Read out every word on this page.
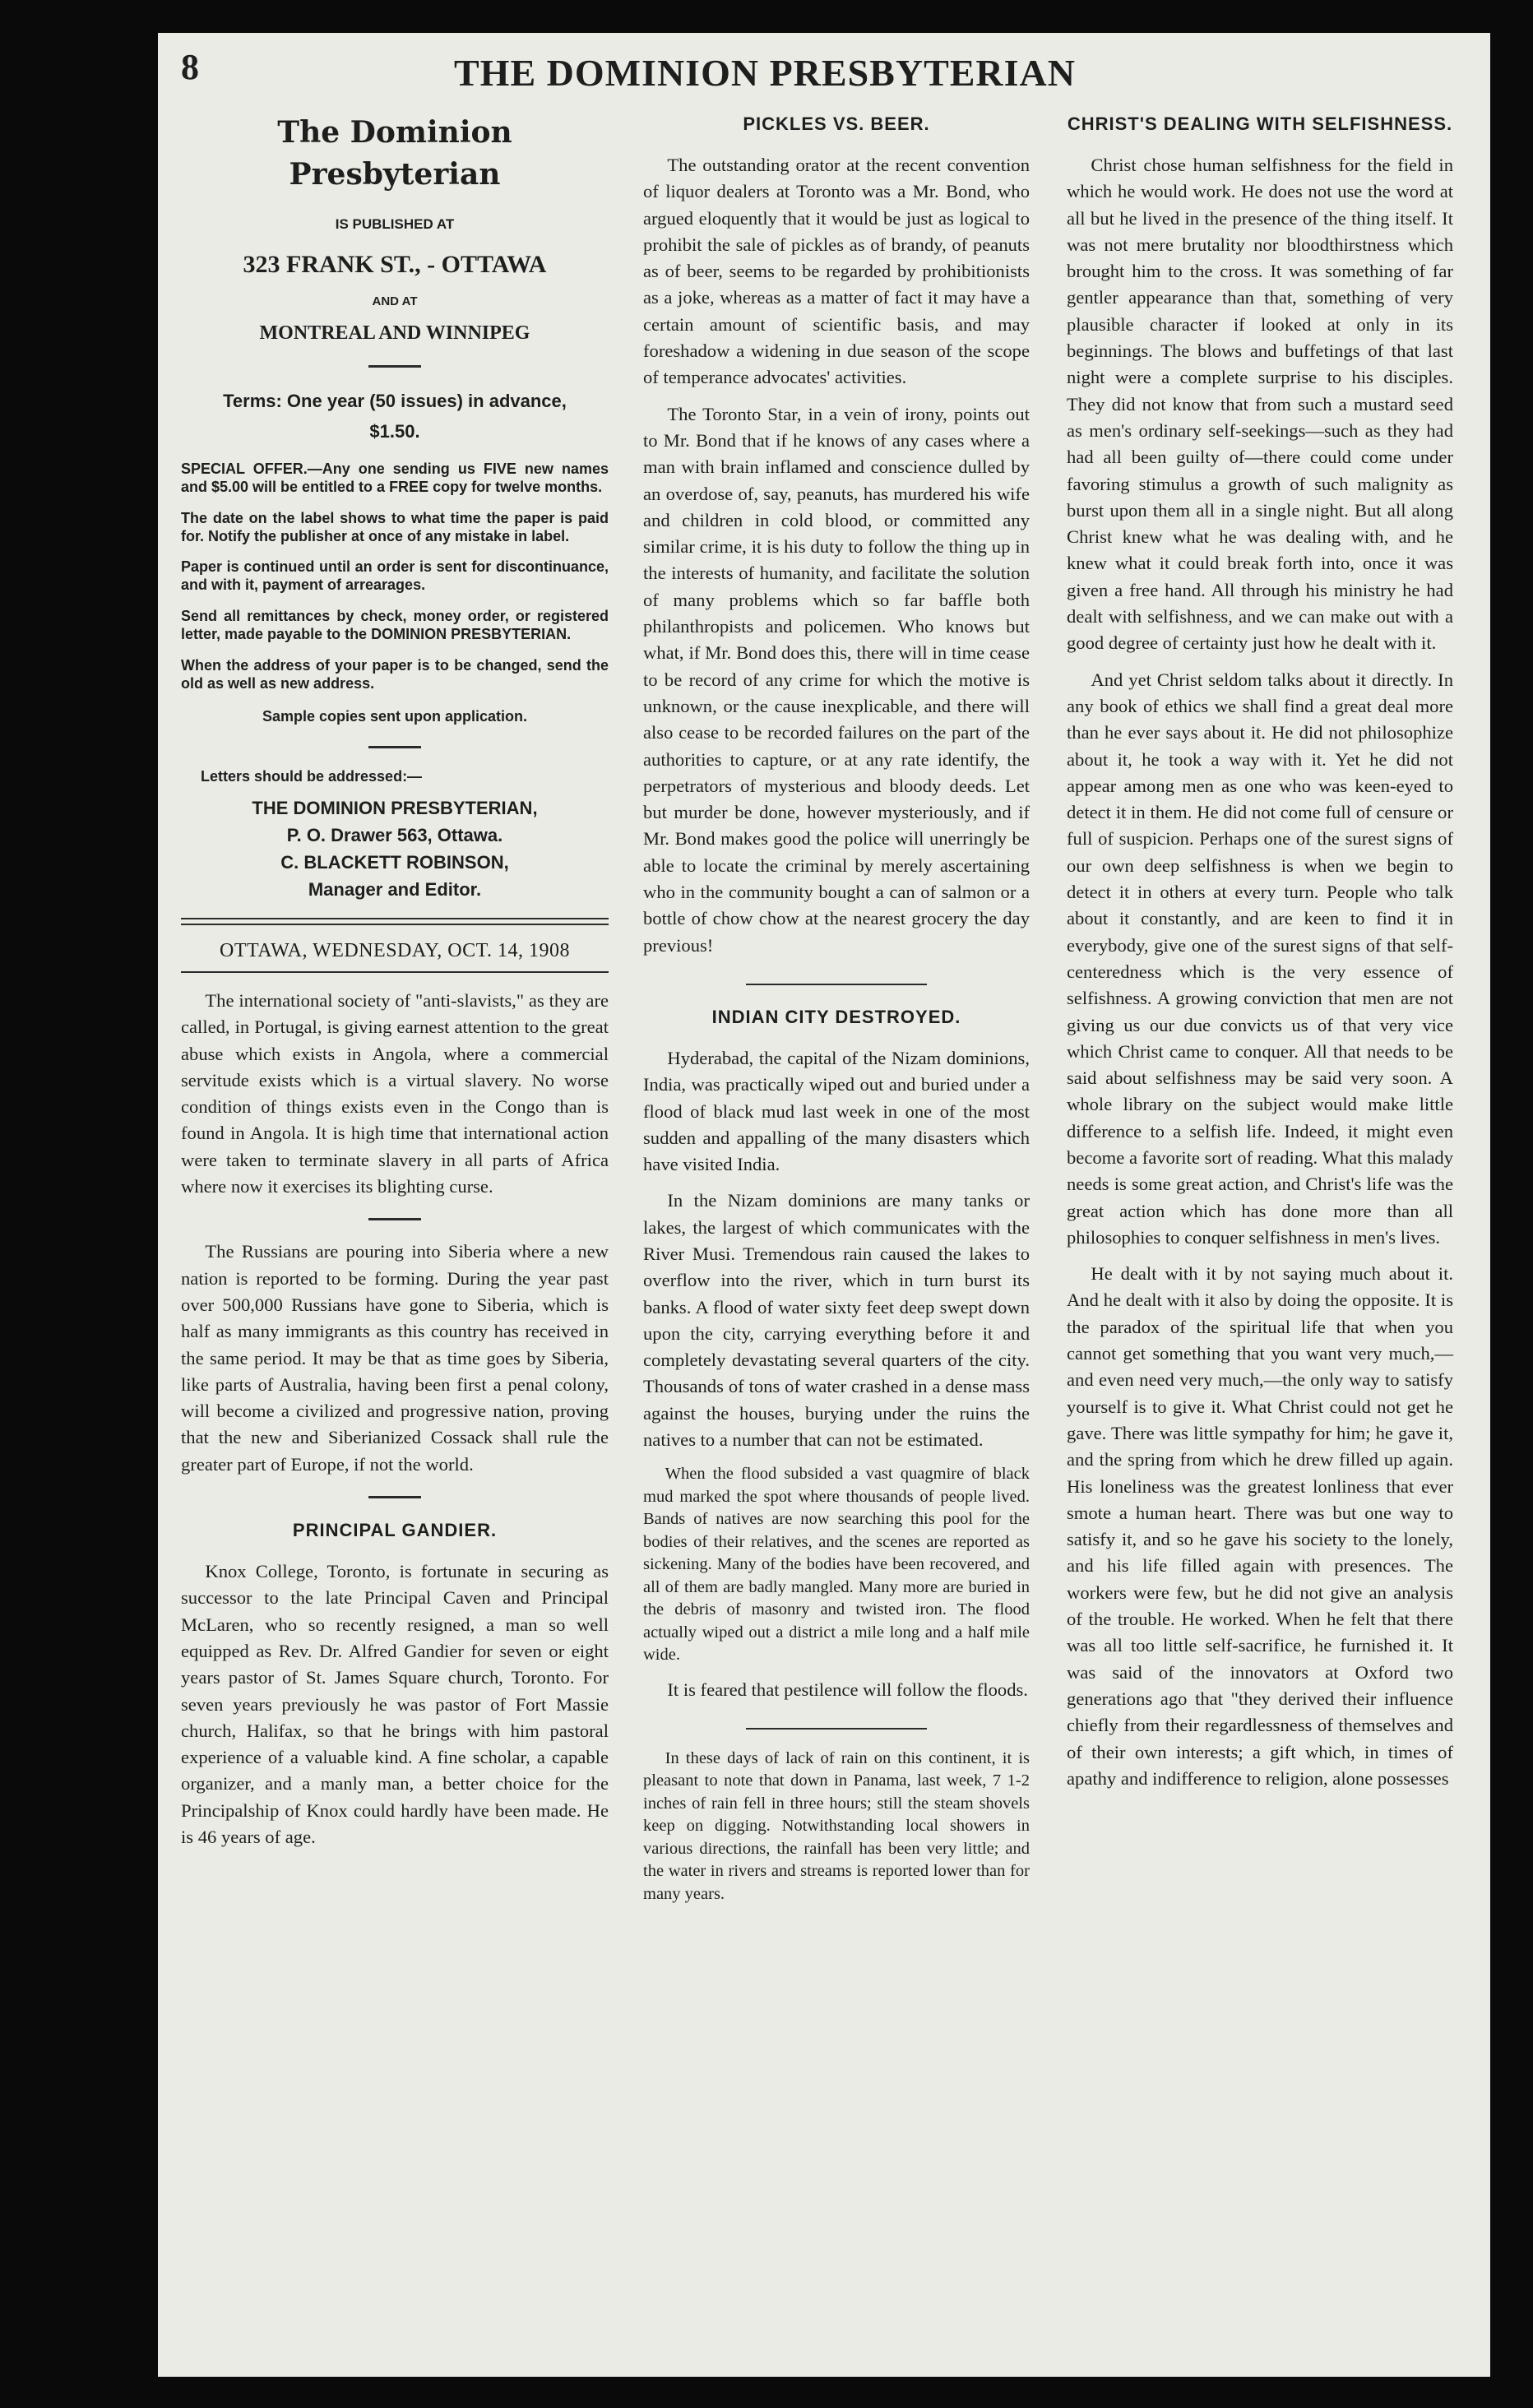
8	THE DOMINION PRESBYTERIAN
The Dominion Presbyterian
IS PUBLISHED AT
323 FRANK ST., - OTTAWA
AND AT
MONTREAL AND WINNIPEG
Terms: One year (50 issues) in advance, $1.50.
SPECIAL OFFER.—Any one sending us FIVE new names and $5.00 will be entitled to a FREE copy for twelve months.
The date on the label shows to what time the paper is paid for. Notify the publisher at once of any mistake in label.
Paper is continued until an order is sent for discontinuance, and with it, payment of arrearages.
Send all remittances by check, money order, or registered letter, made payable to the DOMINION PRESBYTERIAN.
When the address of your paper is to be changed, send the old as well as new address.
Sample copies sent upon application.
Letters should be addressed:—
THE DOMINION PRESBYTERIAN,
P. O. Drawer 563, Ottawa.
C. BLACKETT ROBINSON,
Manager and Editor.
OTTAWA, WEDNESDAY, OCT. 14, 1908

The international society of "anti-slavists," as they are called, in Portugal, is giving earnest attention to the great abuse which exists in Angola, where a commercial servitude exists which is a virtual slavery. No worse condition of things exists even in the Congo than is found in Angola. It is high time that international action were taken to terminate slavery in all parts of Africa where now it exercises its blighting curse.

The Russians are pouring into Siberia where a new nation is reported to be forming. During the year past over 500,000 Russians have gone to Siberia, which is half as many immigrants as this country has received in the same period. It may be that as time goes by Siberia, like parts of Australia, having been first a penal colony, will become a civilized and progressive nation, proving that the new and Siberianized Cossack shall rule the greater part of Europe, if not the world.

PRINCIPAL GANDIER.

Knox College, Toronto, is fortunate in securing as successor to the late Principal Caven and Principal McLaren, who so recently resigned, a man so well equipped as Rev. Dr. Alfred Gandier for seven or eight years pastor of St. James Square church, Toronto. For seven years previously he was pastor of Fort Massie church, Halifax, so that he brings with him pastoral experience of a valuable kind. A fine scholar, a capable organizer, and a manly man, a better choice for the Principalship of Knox could hardly have been made. He is 46 years of age.

PICKLES VS. BEER.

The outstanding orator at the recent convention of liquor dealers at Toronto was a Mr. Bond, who argued eloquently that it would be just as logical to prohibit the sale of pickles as of brandy, of peanuts as of beer, seems to be regarded by prohibitionists as a joke, whereas as a matter of fact it may have a certain amount of scientific basis, and may foreshadow a widening in due season of the scope of temperance advocates' activities.

The Toronto Star, in a vein of irony, points out to Mr. Bond that if he knows of any cases where a man with brain inflamed and conscience dulled by an overdose of, say, peanuts, has murdered his wife and children in cold blood, or committed any similar crime, it is his duty to follow the thing up in the interests of humanity, and facilitate the solution of many problems which so far baffle both philanthropists and policemen. Who knows but what, if Mr. Bond does this, there will in time cease to be record of any crime for which the motive is unknown, or the cause inexplicable, and there will also cease to be recorded failures on the part of the authorities to capture, or at any rate identify, the perpetrators of mysterious and bloody deeds. Let but murder be done, however mysteriously, and if Mr. Bond makes good the police will unerringly be able to locate the criminal by merely ascertaining who in the community bought a can of salmon or a bottle of chow chow at the nearest grocery the day previous!

INDIAN CITY DESTROYED.

Hyderabad, the capital of the Nizam dominions, India, was practically wiped out and buried under a flood of black mud last week in one of the most sudden and appalling of the many disasters which have visited India.

In the Nizam dominions are many tanks or lakes, the largest of which communicates with the River Musi. Tremendous rain caused the lakes to overflow into the river, which in turn burst its banks. A flood of water sixty feet deep swept down upon the city, carrying everything before it and completely devastating several quarters of the city. Thousands of tons of water crashed in a dense mass against the houses, burying under the ruins the natives to a number that can not be estimated.

When the flood subsided a vast quagmire of black mud marked the spot where thousands of people lived. Bands of natives are now searching this pool for the bodies of their relatives, and the scenes are reported as sickening. Many of the bodies have been recovered, and all of them are badly mangled. Many more are buried in the debris of masonry and twisted iron. The flood actually wiped out a district a mile long and a half mile wide.

It is feared that pestilence will follow the floods.

In these days of lack of rain on this continent, it is pleasant to note that down in Panama, last week, 7 1-2 inches of rain fell in three hours; still the steam shovels keep on digging. Notwithstanding local showers in various directions, the rainfall has been very little; and the water in rivers and streams is reported lower than for many years.

CHRIST'S DEALING WITH SELFISHNESS.

Christ chose human selfishness for the field in which he would work. He does not use the word at all but he lived in the presence of the thing itself. It was not mere brutality nor bloodthirstness which brought him to the cross. It was something of far gentler appearance than that, something of very plausible character if looked at only in its beginnings. The blows and buffetings of that last night were a complete surprise to his disciples. They did not know that from such a mustard seed as men's ordinary self-seekings—such as they had had all been guilty of—there could come under favoring stimulus a growth of such malignity as burst upon them all in a single night. But all along Christ knew what he was dealing with, and he knew what it could break forth into, once it was given a free hand. All through his ministry he had dealt with selfishness, and we can make out with a good degree of certainty just how he dealt with it.

And yet Christ seldom talks about it directly. In any book of ethics we shall find a great deal more than he ever says about it. He did not philosophize about it, he took a way with it. Yet he did not appear among men as one who was keen-eyed to detect it in them. He did not come full of censure or full of suspicion. Perhaps one of the surest signs of our own deep selfishness is when we begin to detect it in others at every turn. People who talk about it constantly, and are keen to find it in everybody, give one of the surest signs of that self-centeredness which is the very essence of selfishness. A growing conviction that men are not giving us our due convicts us of that very vice which Christ came to conquer. All that needs to be said about selfishness may be said very soon. A whole library on the subject would make little difference to a selfish life. Indeed, it might even become a favorite sort of reading. What this malady needs is some great action, and Christ's life was the great action which has done more than all philosophies to conquer selfishness in men's lives.

He dealt with it by not saying much about it. And he dealt with it also by doing the opposite. It is the paradox of the spiritual life that when you cannot get something that you want very much,—and even need very much,—the only way to satisfy yourself is to give it. What Christ could not get he gave. There was little sympathy for him; he gave it, and the spring from which he drew filled up again. His loneliness was the greatest lonliness that ever smote a human heart. There was but one way to satisfy it, and so he gave his society to the lonely, and his life filled again with presences. The workers were few, but he did not give an analysis of the trouble. He worked. When he felt that there was all too little self-sacrifice, he furnished it. It was said of the innovators at Oxford two generations ago that "they derived their influence chiefly from their regardlessness of themselves and of their own interests; a gift which, in times of apathy and indifference to religion, alone possesses
